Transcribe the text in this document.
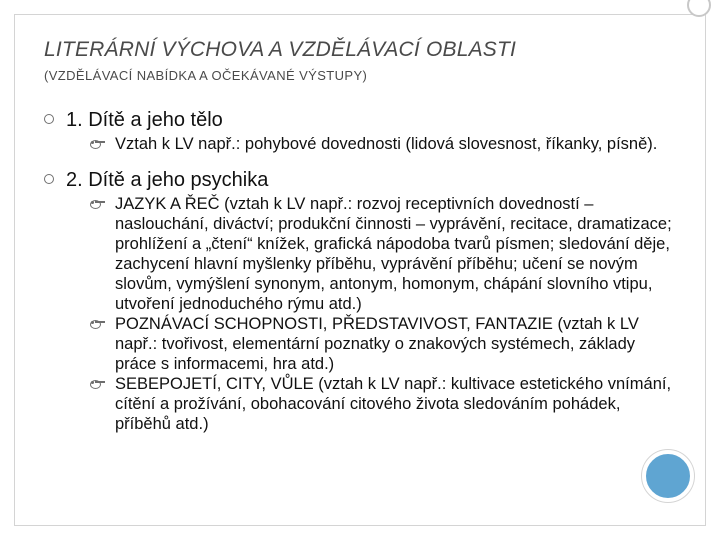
LITERÁRNÍ VÝCHOVA A VZDĚLÁVACÍ OBLASTI
(VZDĚLÁVACÍ NABÍDKA A OČEKÁVANÉ VÝSTUPY)
1. Dítě a jeho tělo
Vztah k LV např.: pohybové dovednosti (lidová slovesnost, říkanky, písně).
2. Dítě a jeho psychika
JAZYK A ŘEČ (vztah k LV např.: rozvoj receptivních dovedností – naslouchání, diváctví; produkční činnosti – vyprávění, recitace, dramatizace; prohlížení a „čtení“ knížek, grafická nápodoba tvarů písmen; sledování děje, zachycení hlavní myšlenky příběhu, vyprávění příběhu; učení se novým slovům, vymýšlení synonym, antonym, homonym, chápání slovního vtipu, utvoření jednoduchého rýmu atd.)
POZNÁVACÍ SCHOPNOSTI, PŘEDSTAVIVOST, FANTAZIE (vztah k LV např.: tvořivost, elementární poznatky o znakových systémech, základy práce s informacemi, hra atd.)
SEBEPOJETÍ, CITY, VŮLE (vztah k LV např.: kultivace estetického vnímání, cítění a prožívání, obohacování citového života sledováním pohádek, příběhů atd.)
